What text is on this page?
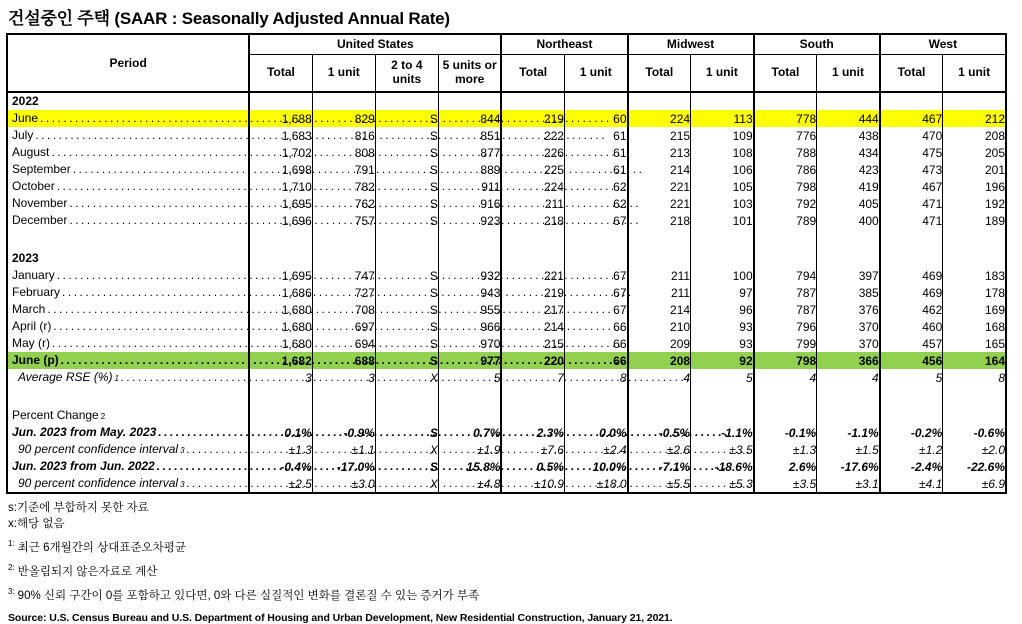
건설중인 주택 (SAAR : Seasonally Adjusted Annual Rate)
Period	United States				Northeast		Midwest		South		West	
	Total	1 unit	2 to 4 units	5 units or more	Total	1 unit	Total	1 unit	Total	1 unit	Total	1 unit

2022												

June
.....	1,688	829	S	844	219	60	224	113	778	444	467	212

July
.....	1,683	816	S	851	222	61	215	109	776	438	470	208

August
.....	1,702	808	S	877	226	61	213	108	788	434	475	205

September
.....	1,698	791	S	889	225	61	214	106	786	423	473	201

October
.....	1,710	782	S	911	224	62	221	105	798	419	467	196

November
.....	1,695	762	S	916	211	62	221	103	792	405	471	192

December
.....	1,696	757	S	923	218	67	218	101	789	400	471	189

2023												

January
.....	1,695	747	S	932	221	67	211	100	794	397	469	183

February
.....	1,686	727	S	943	219	67	211	97	787	385	469	178

March
.....	1,680	708	S	955	217	67	214	96	787	376	462	169

April (r)
.....	1,680	697	S	966	214	66	210	93	796	370	460	168

May (r)
.....	1,680	694	S	970	215	66	209	93	799	370	457	165

June (p)
.....	1,682	688	S	977	220	66	208	92	798	366	456	164

Average RSE (%) 1
.....	3	3	X	5	7	8	4	5	4	4	5	8

Percent Change 2												

Jun. 2023 from May. 2023
.....	0.1%	-0.9%	S	0.7%	2.3%	0.0%	-0.5%	-1.1%	-0.1%	-1.1%	-0.2%	-0.6%

90 percent confidence interval 3
.....	±1.3	±1.1	X	±1.9	±7.6	±2.4	±2.6	±3.5	±1.3	±1.5	±1.2	±2.0

Jun. 2023 from Jun. 2022
.....	-0.4%	-17.0%	S	15.8%	0.5%	10.0%	-7.1%	-18.6%	2.6%	-17.6%	-2.4%	-22.6%

90 percent confidence interval 3
.....	±2.5	±3.0	X	±4.8	±10.9	±18.0	±5.5	±5.3	±3.5	±3.1	±4.1	±6.9
s:기준에 부합하지 못한 자료
x:해당 없음
$^{1:}$ 최근 6개월간의 상대표준오차평균
$^{2:}$ 반올림되지 않은자료로 계산
$^{3:}$ 90% 신뢰 구간이 0를 포함하고 있다면, 0와 다른 실질적인 변화를 결론질 수 있는 증거가 부족
Source: U.S. Census Bureau and U.S. Department of Housing and Urban Development, New Residential Construction, January 21, 2021.
